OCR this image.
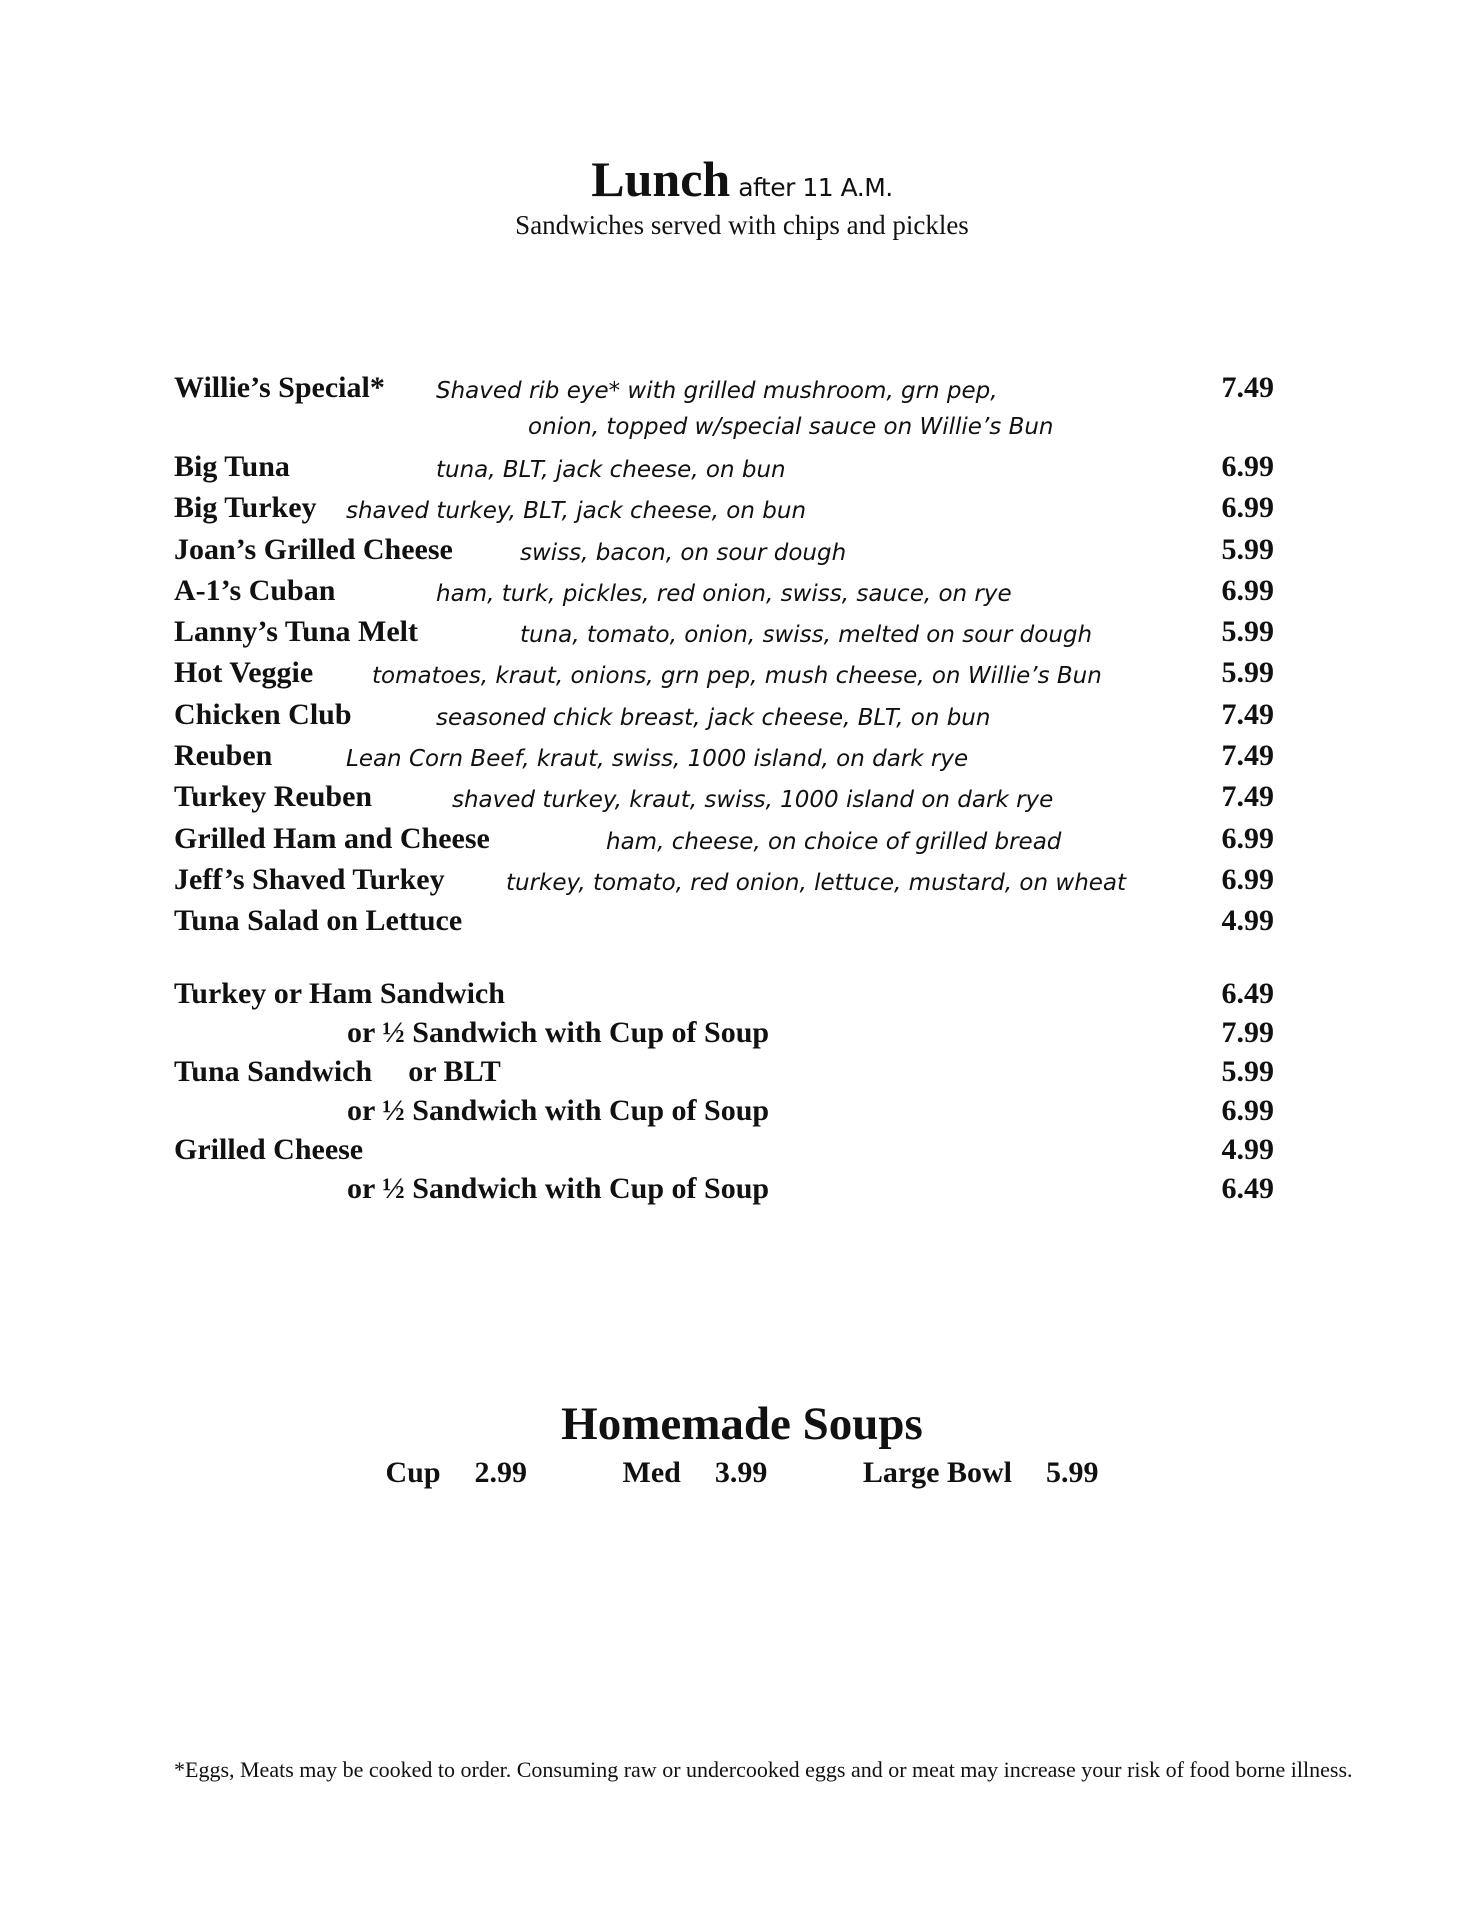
Lunch after 11 A.M.
Sandwiches served with chips and pickles
Willie’s Special* Shaved rib eye* with grilled mushroom, grn pep,
onion, topped w/special sauce on Willie’s Bun
7.49
Big Tuna	tuna, BLT, jack cheese, on bun	6.99
Big Turkey shaved turkey, BLT, jack cheese, on bun	6.99
Joan’s Grilled Cheese	swiss, bacon, on sour dough	5.99
A-1’s Cuban	ham, turk, pickles, red onion, swiss, sauce, on rye	6.99
Lanny’s Tuna Melt	tuna, tomato, onion, swiss, melted on sour dough	5.99
Hot Veggie	tomatoes, kraut, onions, grn pep, mush cheese, on Willie’s Bun	5.99
Chicken Club	seasoned chick breast, jack cheese, BLT, on bun	7.49
Reuben	Lean Corn Beef, kraut, swiss, 1000 island, on dark rye	7.49
Turkey Reuben	shaved turkey, kraut, swiss, 1000 island on dark rye	7.49
Grilled Ham and Cheese	ham, cheese, on choice of grilled bread	6.99
Jeff’s Shaved Turkey	turkey, tomato, red onion, lettuce, mustard, on wheat	6.99
Tuna Salad on Lettuce	4.99
Turkey or Ham Sandwich	6.49
or ½ Sandwich with Cup of Soup	7.99
Tuna Sandwich or BLT	5.99
or ½ Sandwich with Cup of Soup	6.99
Grilled Cheese	4.99
or ½ Sandwich with Cup of Soup	6.49
Homemade Soups
Cup 2.99	Med 3.99	Large Bowl 5.99
*Eggs, Meats may be cooked to order. Consuming raw or undercooked eggs and or meat may increase your risk of food borne illness.
